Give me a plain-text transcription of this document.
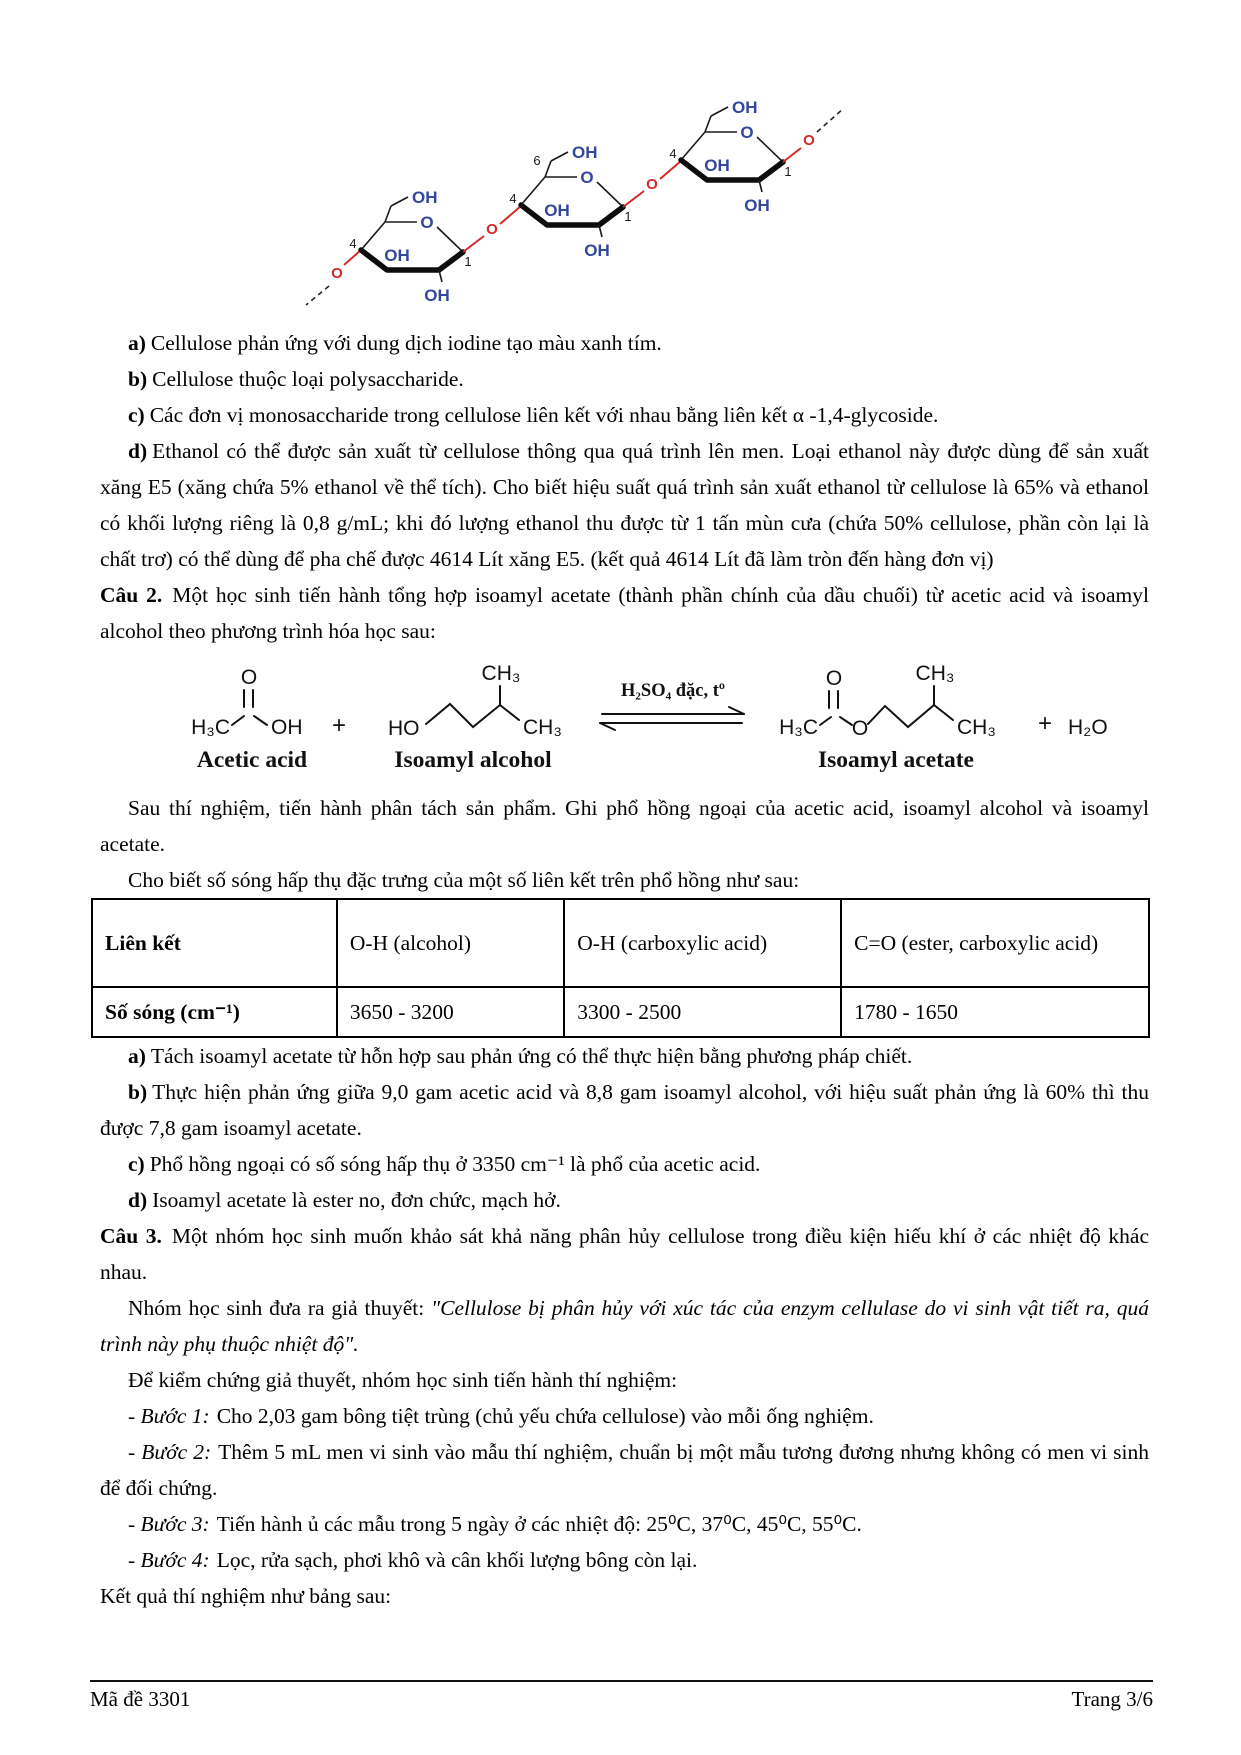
O
O
OH
OH
OH
4
1
O
O
OH
OH
OH
4
1
6
O
O
OH
OH
OH
4
1
O

a) Cellulose phản ứng với dung dịch iodine tạo màu xanh tím.

b) Cellulose thuộc loại polysaccharide.

c) Các đơn vị monosaccharide trong cellulose liên kết với nhau bằng liên kết α -1,4-glycoside.

d) Ethanol có thể được sản xuất từ cellulose thông qua quá trình lên men. Loại ethanol này được dùng để sản xuất xăng E5 (xăng chứa 5% ethanol về thể tích). Cho biết hiệu suất quá trình sản xuất ethanol từ cellulose là 65% và ethanol có khối lượng riêng là 0,8 g/mL; khi đó lượng ethanol thu được từ 1 tấn mùn cưa (chứa 50% cellulose, phần còn lại là chất trơ) có thể dùng để pha chế được 4614 Lít xăng E5. (kết quả 4614 Lít đã làm tròn đến hàng đơn vị)

Câu 2. Một học sinh tiến hành tổng hợp isoamyl acetate (thành phần chính của dầu chuối) từ acetic acid và isoamyl alcohol theo phương trình hóa học sau:

H₃C
O
OH
Acetic acid
+ HO
CH₃
CH₃
Isoamyl alcohol
H₂SO₄ đặc, tº
H₃C
O
O
CH₃
CH₃
Isoamyl acetate
+ H₂O

Sau thí nghiệm, tiến hành phân tách sản phẩm. Ghi phổ hồng ngoại của acetic acid, isoamyl alcohol và isoamyl acetate.

Cho biết số sóng hấp thụ đặc trưng của một số liên kết trên phổ hồng như sau:

Liên kết	O-H (alcohol)	O-H (carboxylic acid)	C=O (ester, carboxylic acid)
Số sóng (cm⁻¹)	3650 - 3200	3300 - 2500	1780 - 1650

a) Tách isoamyl acetate từ hỗn hợp sau phản ứng có thể thực hiện bằng phương pháp chiết.

b) Thực hiện phản ứng giữa 9,0 gam acetic acid và 8,8 gam isoamyl alcohol, với hiệu suất phản ứng là 60% thì thu được 7,8 gam isoamyl acetate.

c) Phổ hồng ngoại có số sóng hấp thụ ở 3350 cm⁻¹ là phổ của acetic acid.

d) Isoamyl acetate là ester no, đơn chức, mạch hở.

Câu 3. Một nhóm học sinh muốn khảo sát khả năng phân hủy cellulose trong điều kiện hiếu khí ở các nhiệt độ khác nhau.

Nhóm học sinh đưa ra giả thuyết: "Cellulose bị phân hủy với xúc tác của enzym cellulase do vi sinh vật tiết ra, quá trình này phụ thuộc nhiệt độ".

Để kiểm chứng giả thuyết, nhóm học sinh tiến hành thí nghiệm:

- Bước 1: Cho 2,03 gam bông tiệt trùng (chủ yếu chứa cellulose) vào mỗi ống nghiệm.

- Bước 2: Thêm 5 mL men vi sinh vào mẫu thí nghiệm, chuẩn bị một mẫu tương đương nhưng không có men vi sinh để đối chứng.

- Bước 3: Tiến hành ủ các mẫu trong 5 ngày ở các nhiệt độ: 25⁰C, 37⁰C, 45⁰C, 55⁰C.

- Bước 4: Lọc, rửa sạch, phơi khô và cân khối lượng bông còn lại.

Kết quả thí nghiệm như bảng sau:

Mã đề 3301	Trang 3/6
